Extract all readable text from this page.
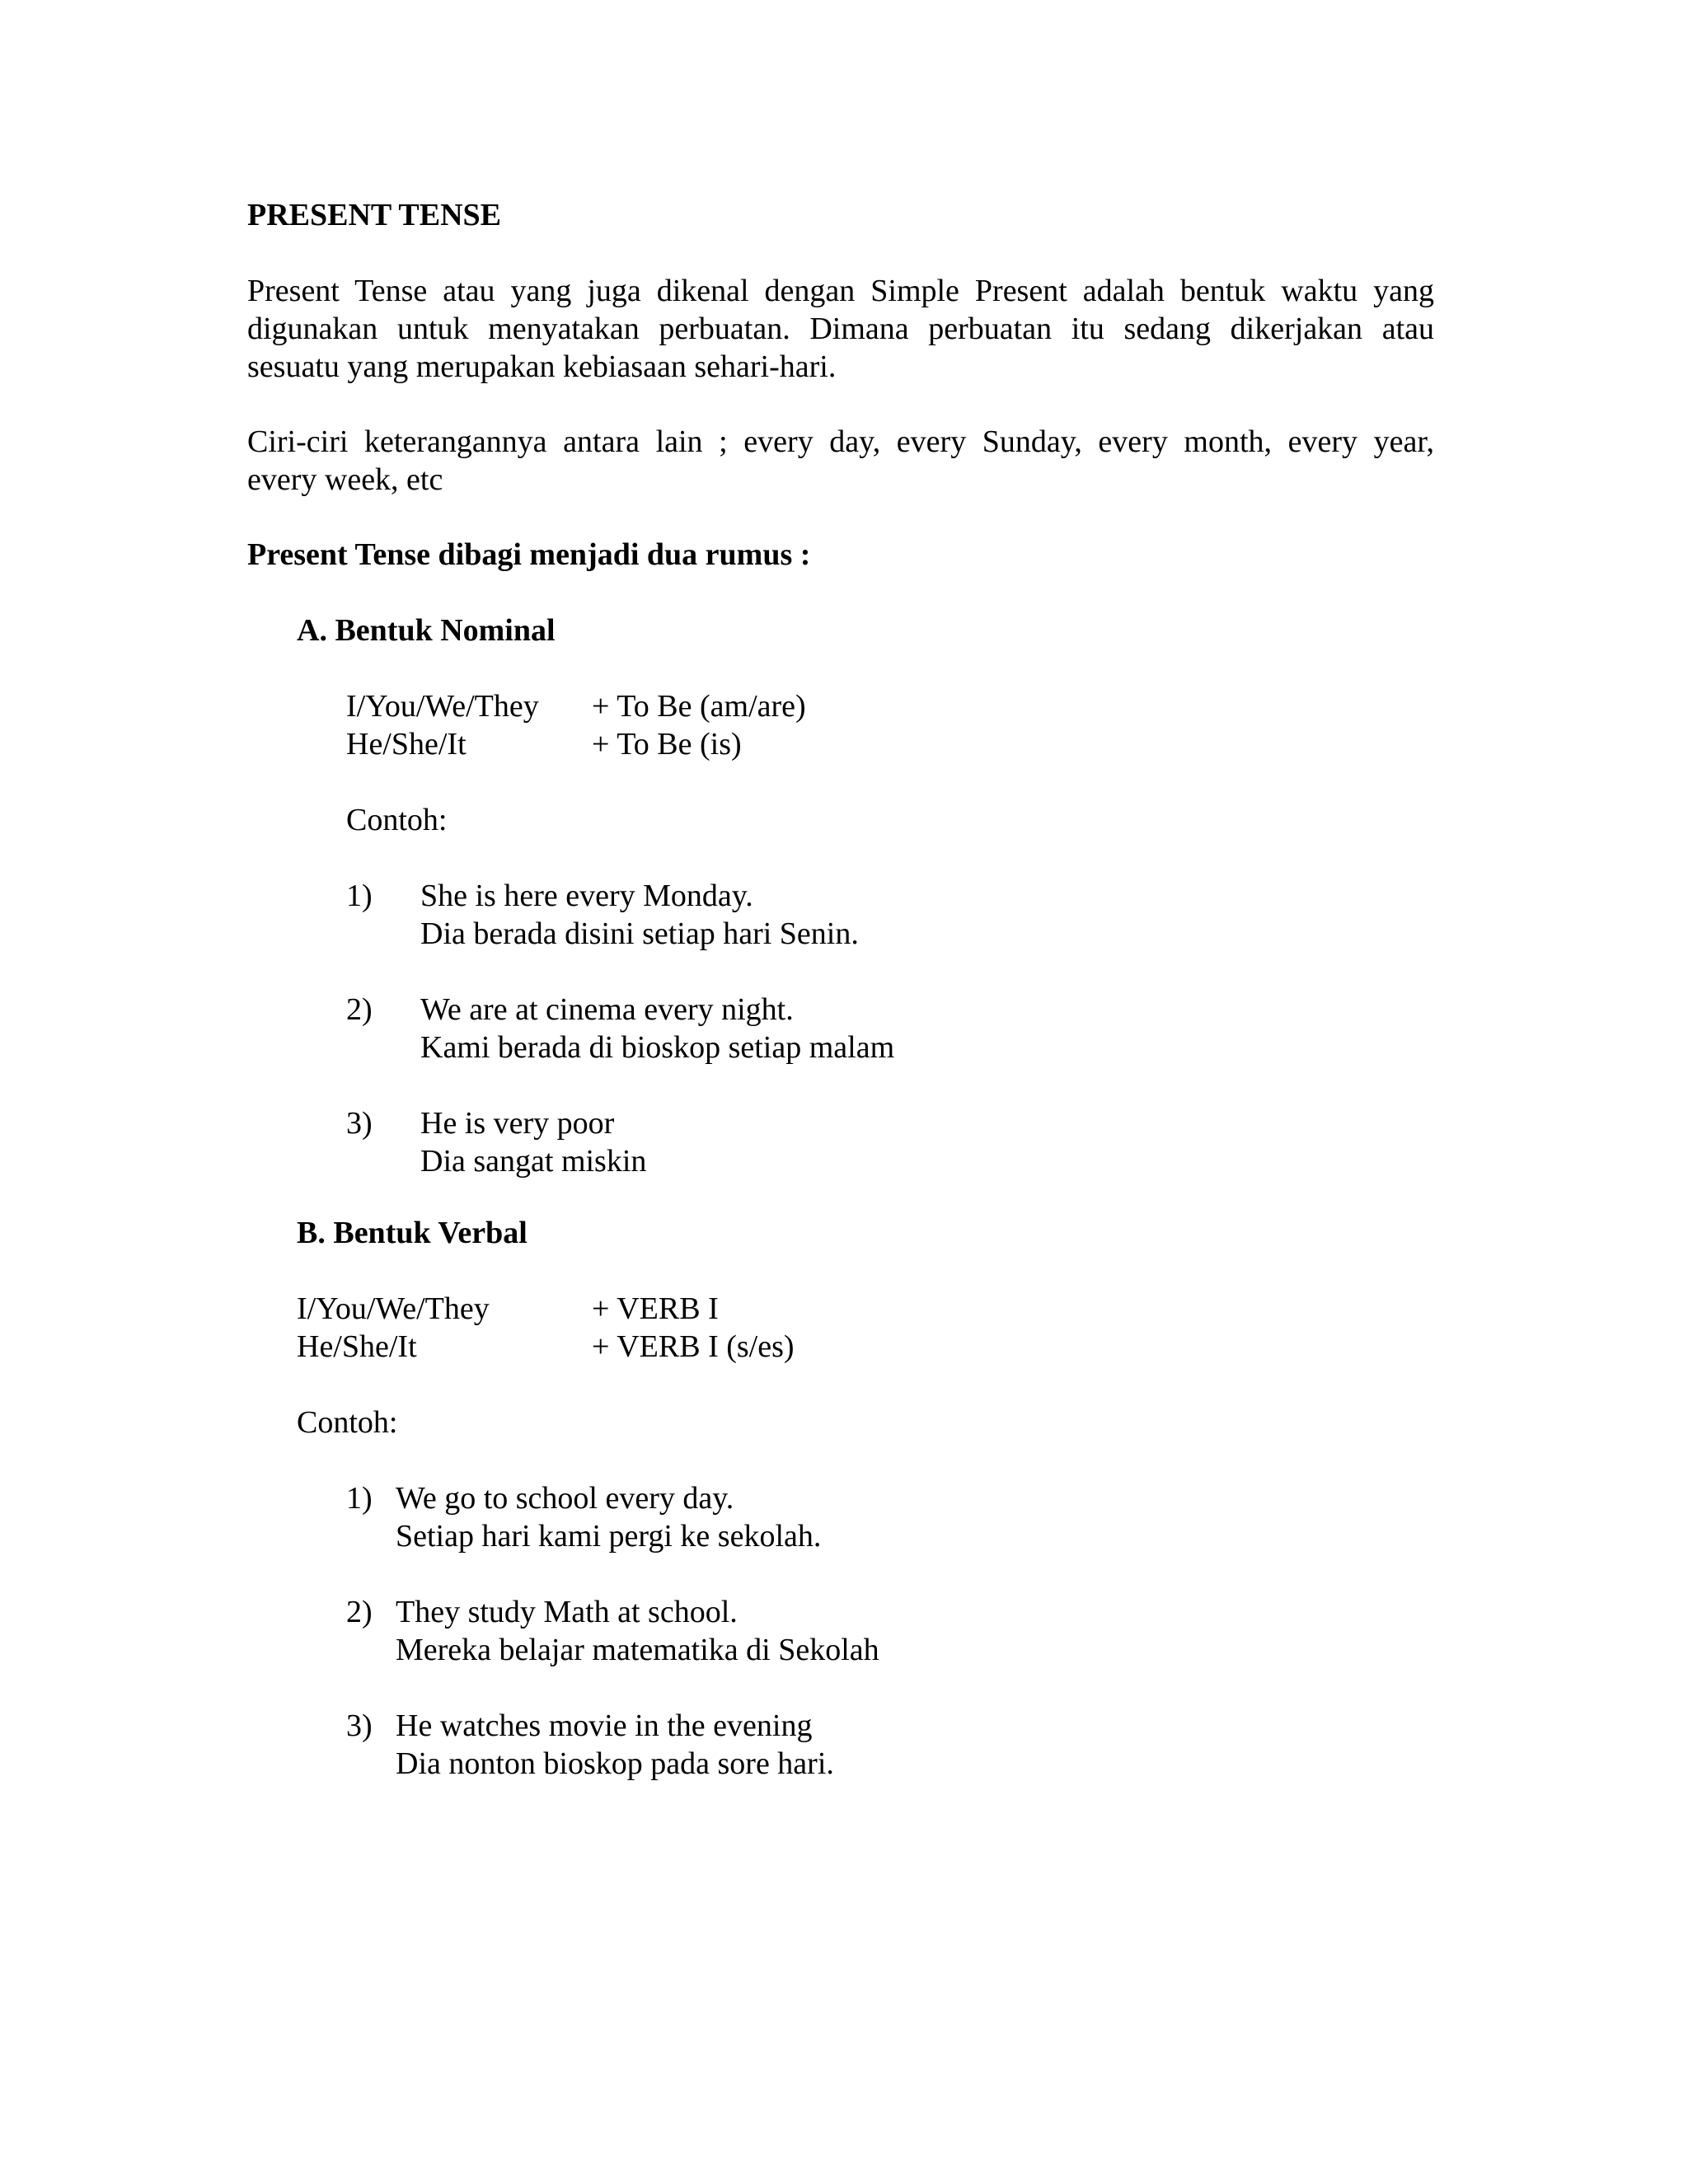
PRESENT TENSE
Present Tense atau yang juga dikenal dengan Simple Present adalah bentuk waktu yang
digunakan untuk menyatakan perbuatan. Dimana perbuatan itu sedang dikerjakan atau
sesuatu yang merupakan kebiasaan sehari-hari.
Ciri-ciri keterangannya antara lain ; every day, every Sunday, every month, every year,
every week, etc
Present Tense dibagi menjadi dua rumus :
A. Bentuk Nominal
I/You/We/They + To Be (am/are)
He/She/It	+ To Be (is)
Contoh:
1) She is here every Monday.
Dia berada disini setiap hari Senin.
2) We are at cinema every night.
Kami berada di bioskop setiap malam
3) He is very poor
Dia sangat miskin
B. Bentuk Verbal
I/You/We/They	+ VERB I
He/She/It	+ VERB I (s/es)
Contoh:
1) We go to school every day.
Setiap hari kami pergi ke sekolah.
2) They study Math at school.
Mereka belajar matematika di Sekolah
3) He watches movie in the evening
Dia nonton bioskop pada sore hari.
